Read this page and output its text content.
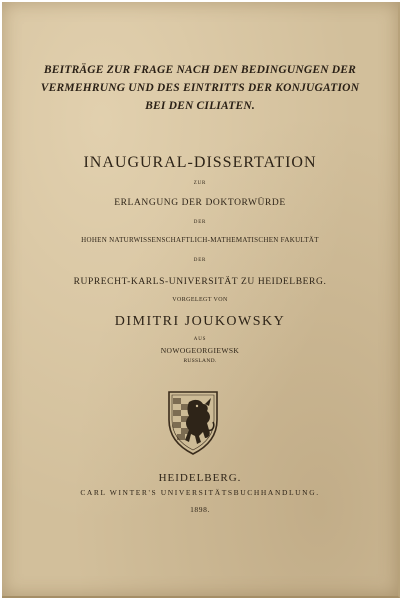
BEITRÄGE ZUR FRAGE NACH DEN BEDINGUNGEN DER
VERMEHRUNG UND DES EINTRITTS DER KONJUGATION
BEI DEN CILIATEN.
INAUGURAL-DISSERTATION
ZUR
ERLANGUNG DER DOKTORWÜRDE
DER
HOHEN NATURWISSENSCHAFTLICH-MATHEMATISCHEN FAKULTÄT
DER
RUPRECHT-KARLS-UNIVERSITÄT ZU HEIDELBERG.
VORGELEGT VON
DIMITRI JOUKOWSKY
AUS
NOWOGEORGIEWSK
RUSSLAND.
HEIDELBERG.
CARL WINTER'S UNIVERSITÄTSBUCHHANDLUNG.
1898.
